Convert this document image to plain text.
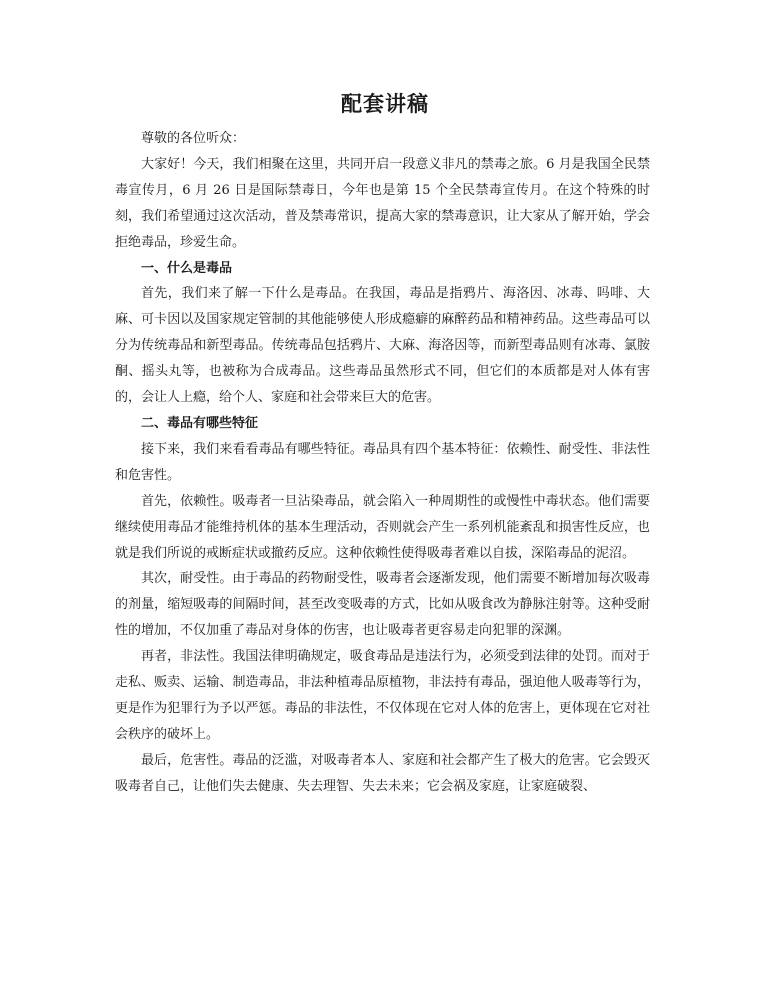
配套讲稿

尊敬的各位听众：

大家好！今天，我们相聚在这里，共同开启一段意义非凡的禁毒之旅。6 月是我国全民禁毒宣传月，6 月 26 日是国际禁毒日，今年也是第 15 个全民禁毒宣传月。在这个特殊的时刻，我们希望通过这次活动，普及禁毒常识，提高大家的禁毒意识，让大家从了解开始，学会拒绝毒品，珍爱生命。

一、什么是毒品

首先，我们来了解一下什么是毒品。在我国，毒品是指鸦片、海洛因、冰毒、吗啡、大麻、可卡因以及国家规定管制的其他能够使人形成瘾癖的麻醉药品和精神药品。这些毒品可以分为传统毒品和新型毒品。传统毒品包括鸦片、大麻、海洛因等，而新型毒品则有冰毒、氯胺酮、摇头丸等，也被称为合成毒品。这些毒品虽然形式不同，但它们的本质都是对人体有害的，会让人上瘾，给个人、家庭和社会带来巨大的危害。

二、毒品有哪些特征

接下来，我们来看看毒品有哪些特征。毒品具有四个基本特征：依赖性、耐受性、非法性和危害性。

首先，依赖性。吸毒者一旦沾染毒品，就会陷入一种周期性的或慢性中毒状态。他们需要继续使用毒品才能维持机体的基本生理活动，否则就会产生一系列机能紊乱和损害性反应，也就是我们所说的戒断症状或撤药反应。这种依赖性使得吸毒者难以自拔，深陷毒品的泥沼。

其次，耐受性。由于毒品的药物耐受性，吸毒者会逐渐发现，他们需要不断增加每次吸毒的剂量，缩短吸毒的间隔时间，甚至改变吸毒的方式，比如从吸食改为静脉注射等。这种受耐性的增加，不仅加重了毒品对身体的伤害，也让吸毒者更容易走向犯罪的深渊。

再者，非法性。我国法律明确规定，吸食毒品是违法行为，必须受到法律的处罚。而对于走私、贩卖、运输、制造毒品，非法种植毒品原植物，非法持有毒品，强迫他人吸毒等行为，更是作为犯罪行为予以严惩。毒品的非法性，不仅体现在它对人体的危害上，更体现在它对社会秩序的破坏上。

最后，危害性。毒品的泛滥，对吸毒者本人、家庭和社会都产生了极大的危害。它会毁灭吸毒者自己，让他们失去健康、失去理智、失去未来；它会祸及家庭，让家庭破裂、
